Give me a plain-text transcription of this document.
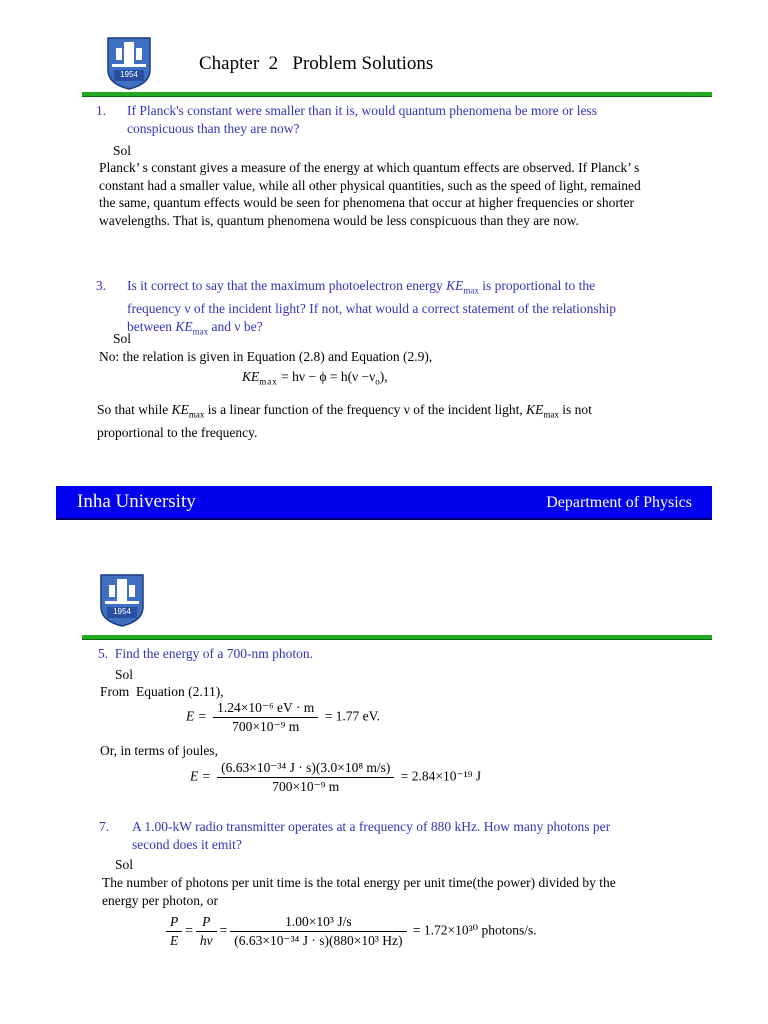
1954
Chapter  2   Problem Solutions
1. If Planck's constant were smaller than it is, would quantum phenomena be more or less
conspicuous than they are now?
Sol
Planck’ s constant gives a measure of the energy at which quantum effects are observed. If Planck’ s
constant had a smaller value, while all other physical quantities, such as the speed of light, remained
the same, quantum effects would be seen for phenomena that occur at higher frequencies or shorter
wavelengths. That is, quantum phenomena would be less conspicuous than they are now.
3. Is it correct to say that the maximum photoelectron energy $KE_{max}$ is proportional to the
frequency ν of the incident light? If not, what would a correct statement of the relationship
between $KE_{max}$ and ν be?
Sol
No: the relation is given in Equation (2.8) and Equation (2.9),
$KE_{max} = h\nu - \phi = h(\nu -\nu_o)$,
So that while $KE_{max}$ is a linear function of the frequency ν of the incident light, $KE_{max}$ is not
proportional to the frequency.
Inha University	Department of Physics
1954
5.  Find the energy of a 700-nm photon.
Sol
From  Equation (2.11),
$E = \frac{\text{1.24×10⁻⁶ eV · m}}{\text{700×10⁻⁹ m}} = 1.77$ eV.
Or, in terms of joules,
$E = \frac{\text{(6.63×10⁻³⁴ J · s)(3.0×10⁸ m/s)}}{\text{700×10⁻⁹ m}} = 2.84\times 10^{-19}$ J
7. A 1.00-kW radio transmitter operates at a frequency of 880 kHz. How many photons per
second does it emit?
Sol
The number of photons per unit time is the total energy per unit time(the power) divided by the
energy per photon, or
$\frac{P}{E} = \frac{P}{h\nu} = \frac{\text{1.00×10³ J/s}}{\text{(6.63×10⁻³⁴ J · s)(880×10³ Hz)}} = 1.72\times 10^{30}$ photons/s.
